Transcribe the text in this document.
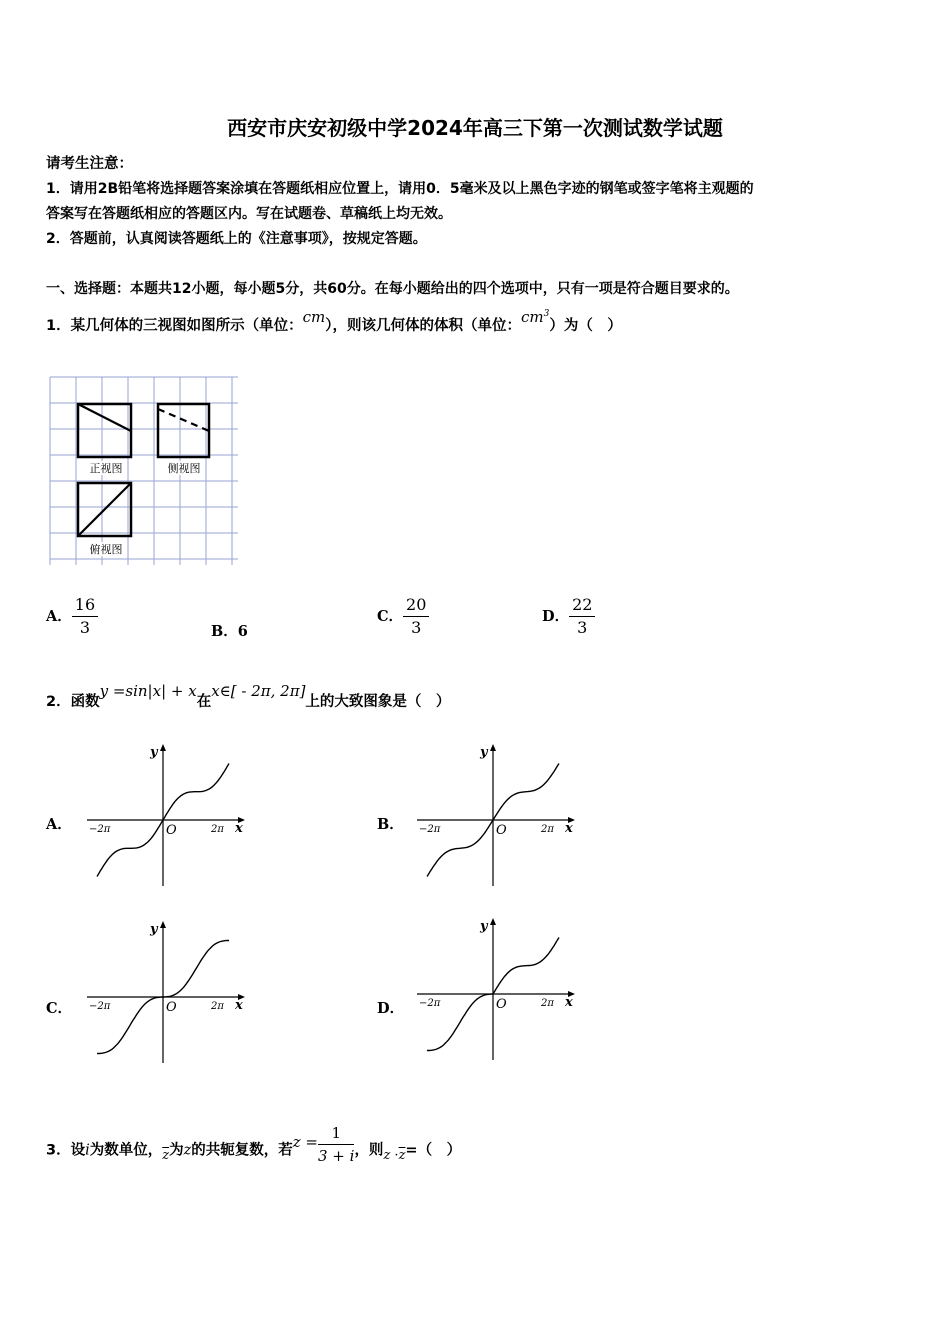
西安市庆安初级中学2024年高三下第一次测试数学试题
请考生注意：
1．请用2B铅笔将选择题答案涂填在答题纸相应位置上，请用0．5毫米及以上黑色字迹的钢笔或签字笔将主观题的
答案写在答题纸相应的答题区内。写在试题卷、草稿纸上均无效。
2．答题前，认真阅读答题纸上的《注意事项》，按规定答题。
一、选择题：本题共12小题，每小题5分，共60分。在每小题给出的四个选项中，只有一项是符合题目要求的。
1．某几何体的三视图如图所示（单位：cm），则该几何体的体积（单位：$cm^3$）为（　）
正视图	侧视图
俯视图
A． $\frac{16}{3}$	B．6
C． $\frac{20}{3}$	D． $\frac{22}{3}$
2．函数y =sin|x| + x在x∈[ - 2π, 2π]上的大致图象是（　）
A．	B．
C．	D．
y
x
O
−2π	2π
y
x
O
−2π	2π
y
x
O
−2π	2π
y
x
O
−2π	2π
3．设i为数单位，$\overline{z}$为z的共轭复数，若$z = \frac{1}{3 + i}$ ，则$z \cdot\overline{z}=$（　）
